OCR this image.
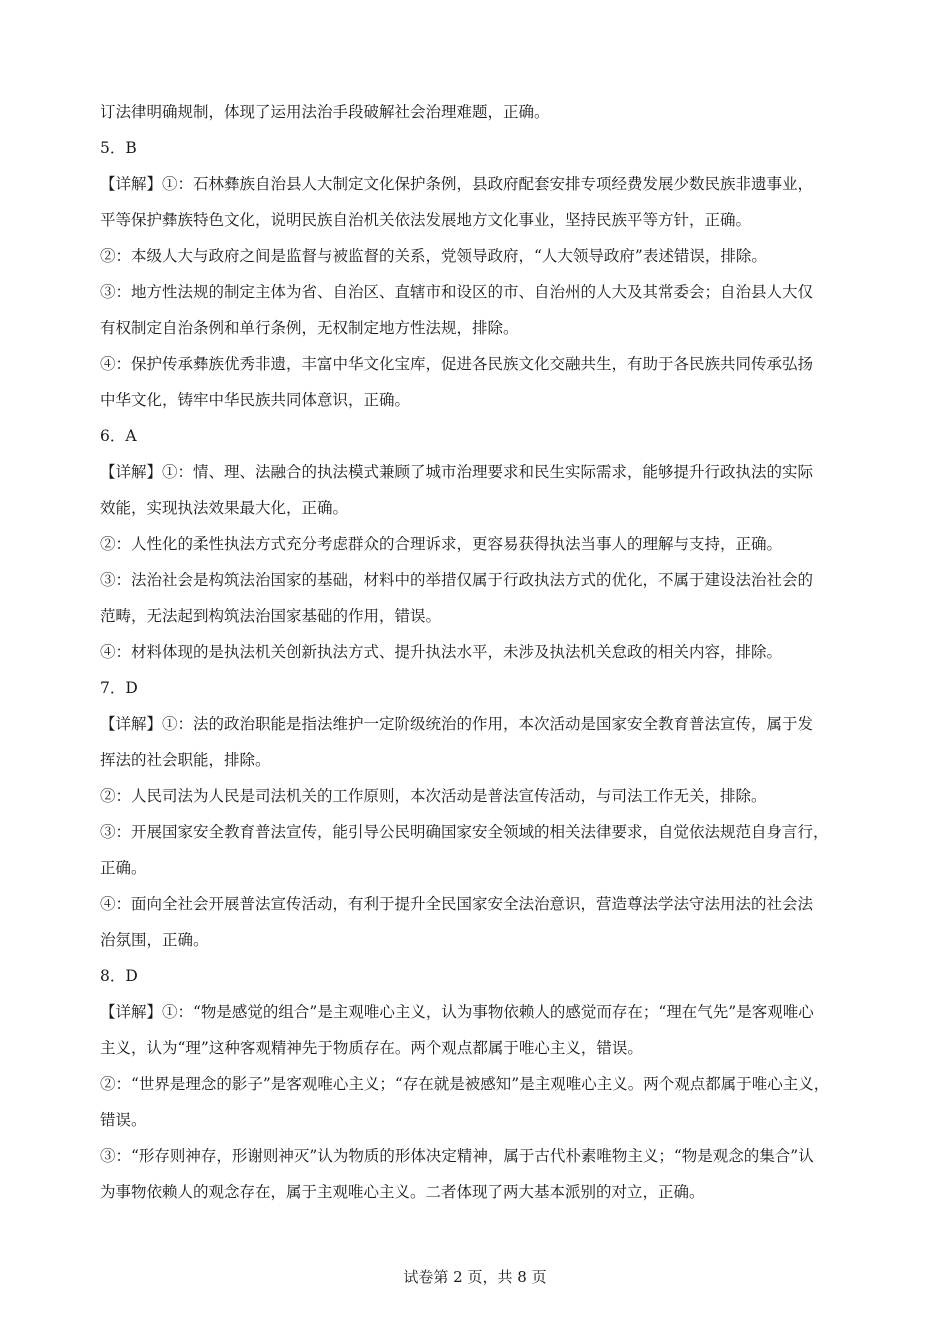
订法律明确规制，体现了运用法治手段破解社会治理难题，正确。
5．B
【详解】①：石林彝族自治县人大制定文化保护条例，县政府配套安排专项经费发展少数民族非遗事业，
平等保护彝族特色文化，说明民族自治机关依法发展地方文化事业，坚持民族平等方针，正确。
②：本级人大与政府之间是监督与被监督的关系，党领导政府，“人大领导政府”表述错误，排除。
③：地方性法规的制定主体为省、自治区、直辖市和设区的市、自治州的人大及其常委会；自治县人大仅
有权制定自治条例和单行条例，无权制定地方性法规，排除。
④：保护传承彝族优秀非遗，丰富中华文化宝库，促进各民族文化交融共生，有助于各民族共同传承弘扬
中华文化，铸牢中华民族共同体意识，正确。
6．A
【详解】①：情、理、法融合的执法模式兼顾了城市治理要求和民生实际需求，能够提升行政执法的实际
效能，实现执法效果最大化，正确。
②：人性化的柔性执法方式充分考虑群众的合理诉求，更容易获得执法当事人的理解与支持，正确。
③：法治社会是构筑法治国家的基础，材料中的举措仅属于行政执法方式的优化，不属于建设法治社会的
范畴，无法起到构筑法治国家基础的作用，错误。
④：材料体现的是执法机关创新执法方式、提升执法水平，未涉及执法机关怠政的相关内容，排除。
7．D
【详解】①：法的政治职能是指法维护一定阶级统治的作用，本次活动是国家安全教育普法宣传，属于发
挥法的社会职能，排除。
②：人民司法为人民是司法机关的工作原则，本次活动是普法宣传活动，与司法工作无关，排除。
③：开展国家安全教育普法宣传，能引导公民明确国家安全领域的相关法律要求，自觉依法规范自身言行，
正确。
④：面向全社会开展普法宣传活动，有利于提升全民国家安全法治意识，营造尊法学法守法用法的社会法
治氛围，正确。
8．D
【详解】①：“物是感觉的组合”是主观唯心主义，认为事物依赖人的感觉而存在；“理在气先”是客观唯心
主义，认为“理”这种客观精神先于物质存在。两个观点都属于唯心主义，错误。
②：“世界是理念的影子”是客观唯心主义；“存在就是被感知”是主观唯心主义。两个观点都属于唯心主义，
错误。
③：“形存则神存，形谢则神灭”认为物质的形体决定精神，属于古代朴素唯物主义；“物是观念的集合”认
为事物依赖人的观念存在，属于主观唯心主义。二者体现了两大基本派别的对立，正确。
试卷第 2 页，共 8 页
